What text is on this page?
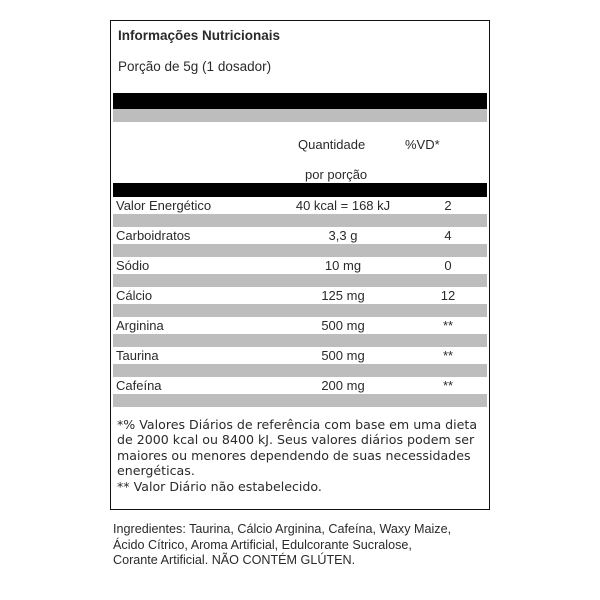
Informações Nutricionais
Porção de 5g (1 dosador)
Quantidade	%VD*
por porção
Valor Energético	40 kcal = 168 kJ	2
Carboidratos	3,3 g	4
Sódio	10 mg	0
Cálcio	125 mg	12
Arginina	500 mg	**
Taurina	500 mg	**
Cafeína	200 mg	**

*% Valores Diários de referência com base em uma dieta de 2000 kcal ou 8400 kJ. Seus valores diários podem ser maiores ou menores dependendo de suas necessidades energéticas.

** Valor Diário não estabelecido.

Ingredientes: Taurina, Cálcio Arginina, Cafeína, Waxy Maize,

Ácido Cítrico, Aroma Artificial, Edulcorante Sucralose,

Corante Artificial. NÃO CONTÉM GLÚTEN.
